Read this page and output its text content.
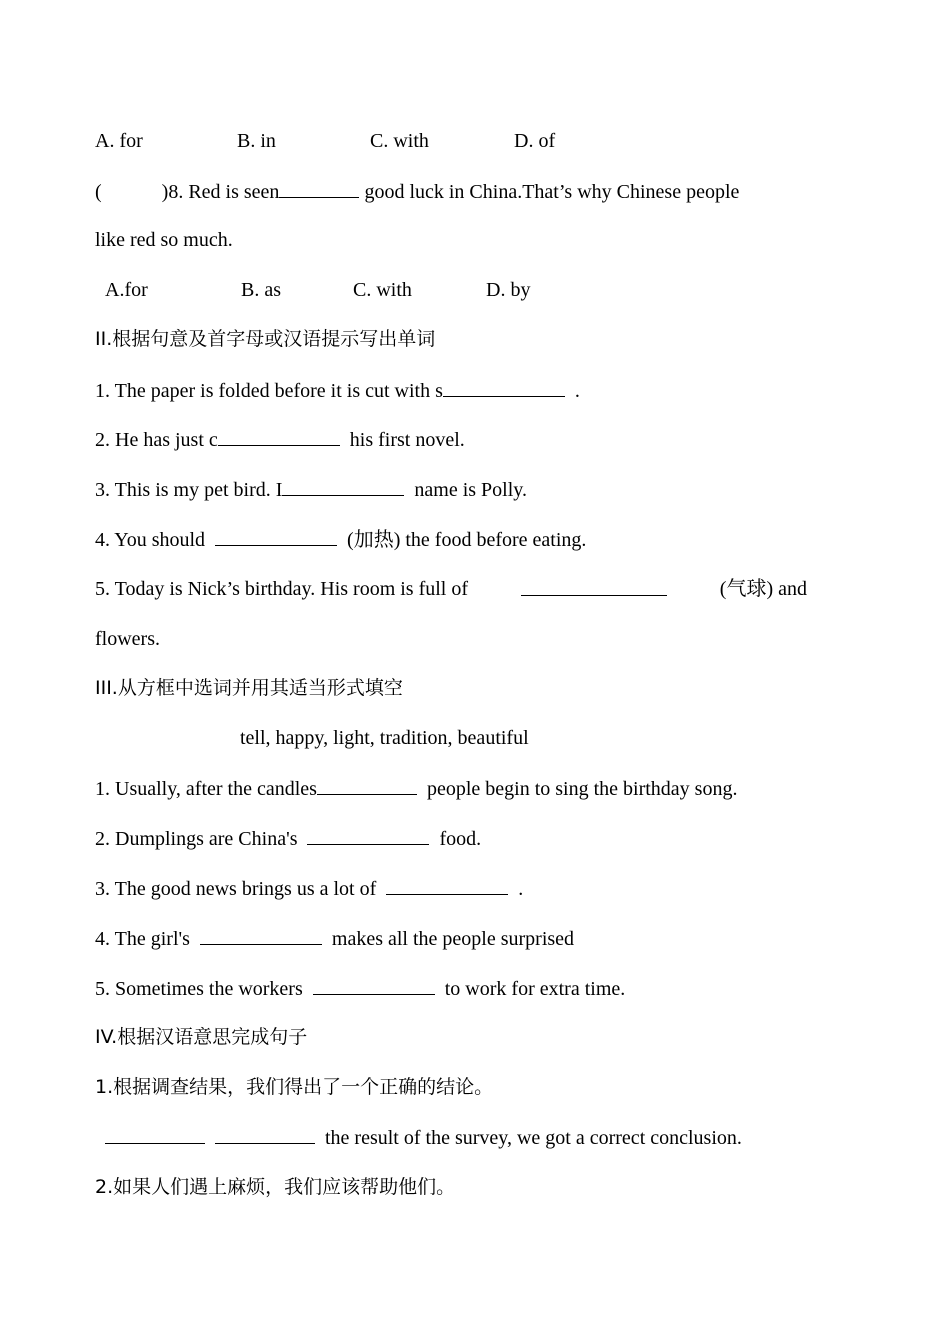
A. for	B. in	C. with	D. of
(	)8. Red is seen	good luck in China.That’s why Chinese people
like red so much.
A.for	B. as	C. with	D. by
II.根据句意及首字母或汉语提示写出单词
1. The paper is folded before it is cut with s	.
2. He has just c	his first novel.
3. This is my pet bird. I	name is Polly.
4. You should	(加热) the food before eating.
5. Today is Nick’s birthday. His room is full of	(气球) and
flowers.
III.从方框中选词并用其适当形式填空
tell, happy, light, tradition, beautiful
1. Usually, after the candles	people begin to sing the birthday song.
2. Dumplings are China's	food.
3. The good news brings us a lot of	.
4. The girl's	makes all the people surprised
5. Sometimes the workers	to work for extra time.
IV.根据汉语意思完成句子
1.根据调查结果，我们得出了一个正确的结论。
the result of the survey, we got a correct conclusion.
2.如果人们遇上麻烦，我们应该帮助他们。
